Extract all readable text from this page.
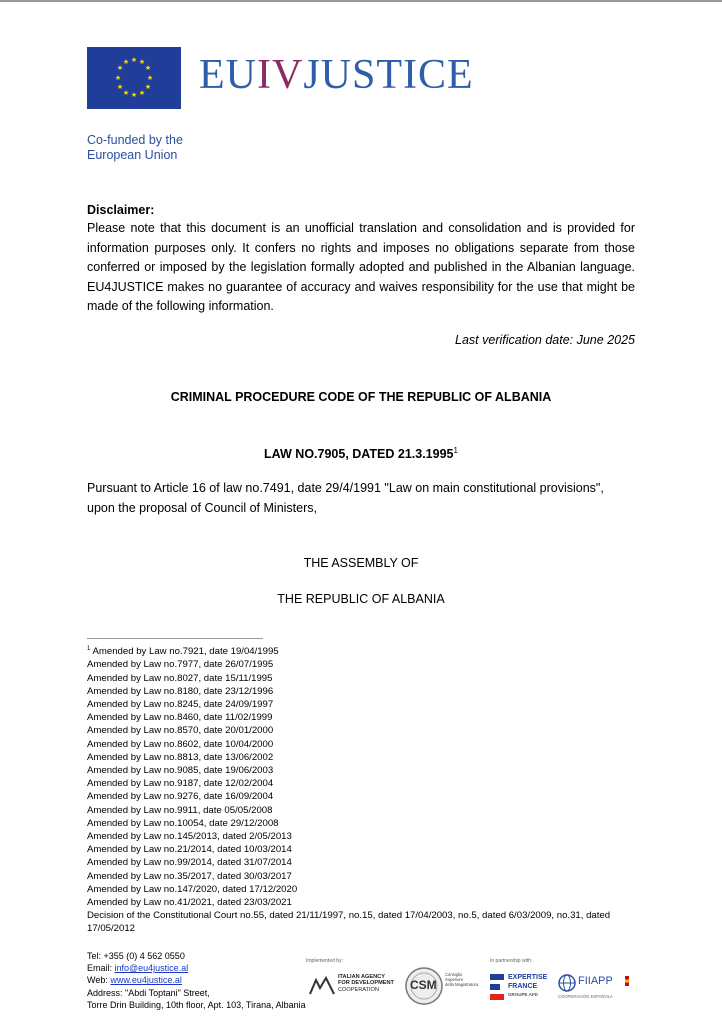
★ ★
★
★
★
★
★
★
★
★
★
★ EUIVJUSTICE
Co-funded by the
European Union
Disclaimer:
Please note that this document is an unofficial translation and consolidation and is provided for information purposes only. It confers no rights and imposes no obligations separate from those conferred or imposed by the legislation formally adopted and published in the Albanian language. EU4JUSTICE makes no guarantee of accuracy and waives responsibility for the use that might be made of the following information.
Last verification date: June 2025
CRIMINAL PROCEDURE CODE OF THE REPUBLIC OF ALBANIA
LAW NO.7905, DATED 21.3.1995$^1$
Pursuant to Article 16 of law no.7491, date 29/4/1991 "Law on main constitutional provisions", upon the proposal of Council of Ministers,
THE ASSEMBLY OF
THE REPUBLIC OF ALBANIA
$^1$ Amended by Law no.7921, date 19/04/1995
Amended by Law no.7977, date 26/07/1995
Amended by Law no.8027, date 15/11/1995
Amended by Law no.8180, date 23/12/1996
Amended by Law no.8245, date 24/09/1997
Amended by Law no.8460, date 11/02/1999
Amended by Law no.8570, date 20/01/2000
Amended by Law no.8602, date 10/04/2000
Amended by Law no.8813, date 13/06/2002
Amended by Law no.9085, date 19/06/2003
Amended by Law no.9187, date 12/02/2004
Amended by Law no.9276, date 16/09/2004
Amended by Law no.9911, date 05/05/2008
Amended by Law no.10054, date 29/12/2008
Amended by Law no.145/2013, dated 2/05/2013
Amended by Law no.21/2014, dated 10/03/2014
Amended by Law no.99/2014, dated 31/07/2014
Amended by Law no.35/2017, dated 30/03/2017
Amended by Law no.147/2020, dated 17/12/2020
Amended by Law no.41/2021, dated 23/03/2021
Decision of the Constitutional Court no.55, dated 21/11/1997, no.15, dated 17/04/2003, no.5, dated 6/03/2009, no.31, dated 17/05/2012
Tel: +355 (0) 4 562 0550
Email: info@eu4justice.al
Web: www.eu4justice.al
Address: "Abdi Toptani" Street,
Torre Drin Building, 10th floor, Apt. 103, Tirana, Albania
Implemented by:
ITALIAN AGENCY
FOR DEVELOPMENT
COOPERATION	CSM
Consiglio
Superiore
della Magistratura
In partnership with:
EXPERTISE
FRANCE
GROUPE AFD
FIIAPP
COOPERACIÓN ESPAÑOLA
